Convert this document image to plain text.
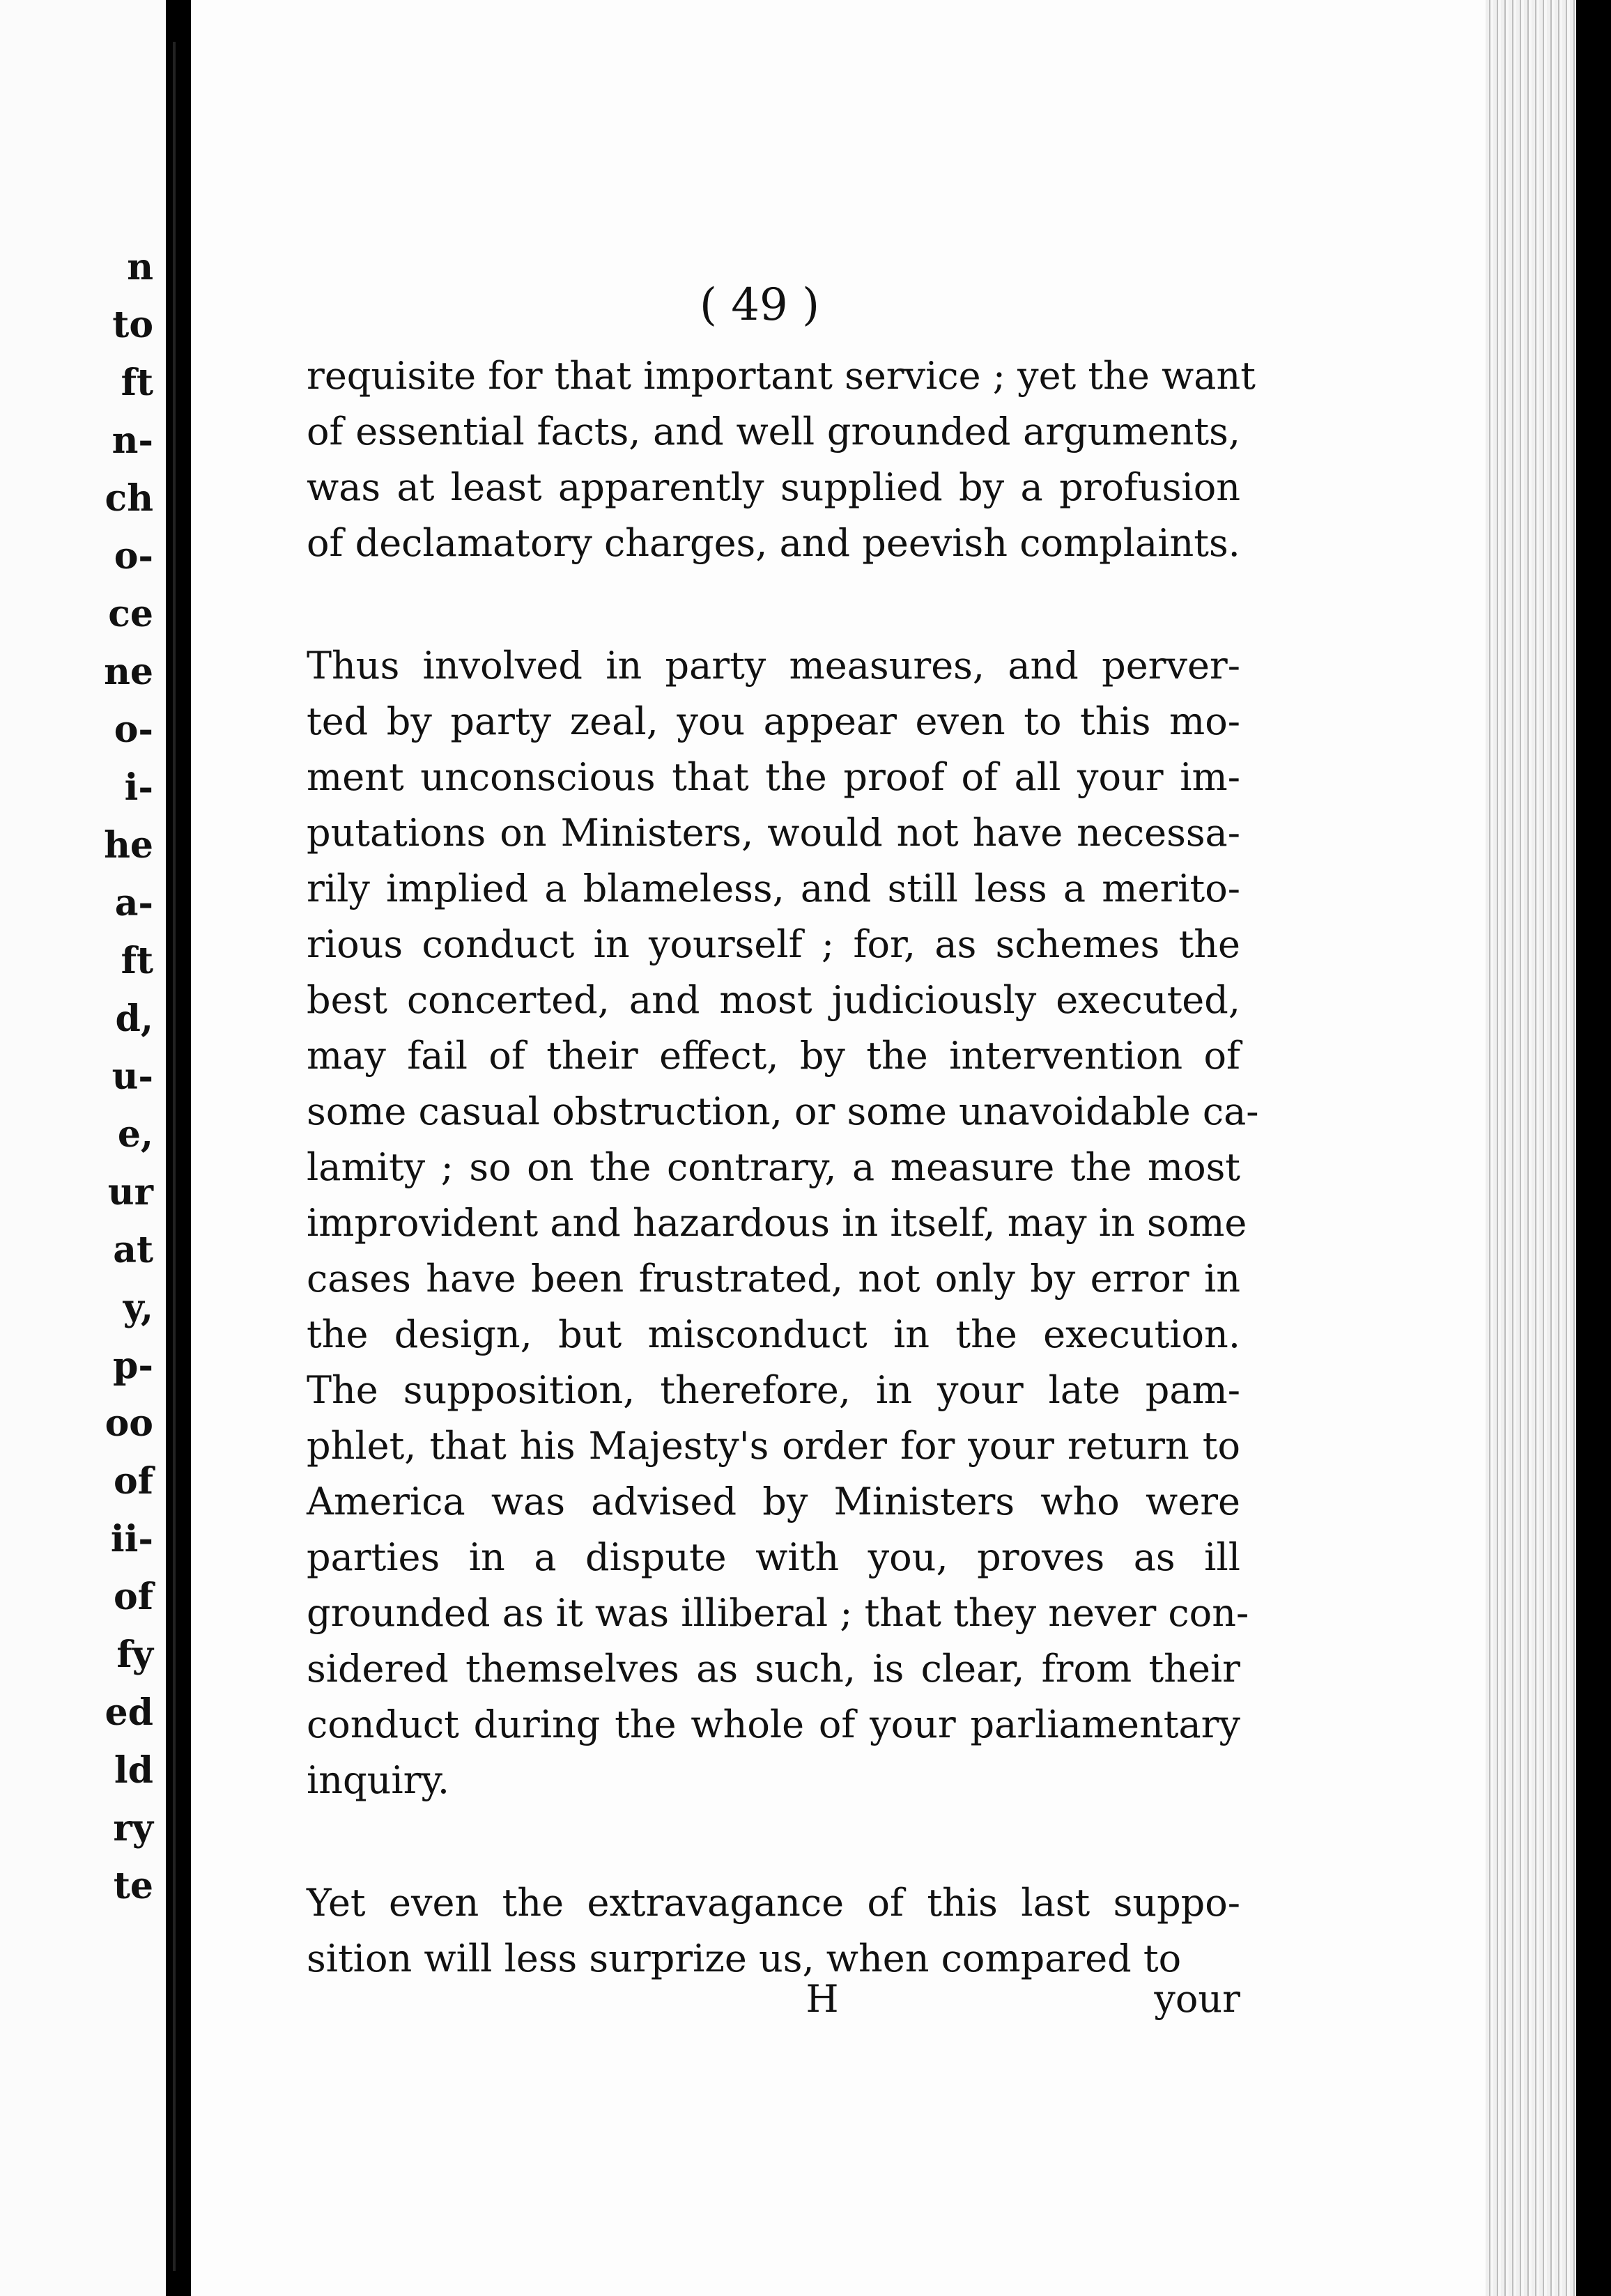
n
to
ft
n-
ch
o-
ce
ne
o-
i-
he
a-
ft
d,
u-
e,
ur
at
y,
p-
oo
of
ii-
of
fy
ed
ld
ry
te
( 49 )
requisite for that important service ; yet the want
of essential facts, and well grounded arguments,
was at least apparently supplied by a profusion
of declamatory charges, and peevish complaints.
Thus involved in party measures, and perver-
ted by party zeal, you appear even to this mo-
ment unconscious that the proof of all your im-
putations on Ministers, would not have necessa-
rily implied a blameless, and still less a merito-
rious conduct in yourself ; for, as schemes the
best concerted, and most judiciously executed,
may fail of their effect, by the intervention of
some casual obstruction, or some unavoidable ca-
lamity ; so on the contrary, a measure the most
improvident and hazardous in itself, may in some
cases have been frustrated, not only by error in
the design, but misconduct in the execution.
The supposition, therefore, in your late pam-
phlet, that his Majesty's order for your return to
America was advised by Ministers who were
parties in a dispute with you, proves as ill
grounded as it was illiberal ; that they never con-
sidered themselves as such, is clear, from their
conduct during the whole of your parliamentary
inquiry.
Yet even the extravagance of this last suppo-
sition will less surprize us, when compared to
H	your
